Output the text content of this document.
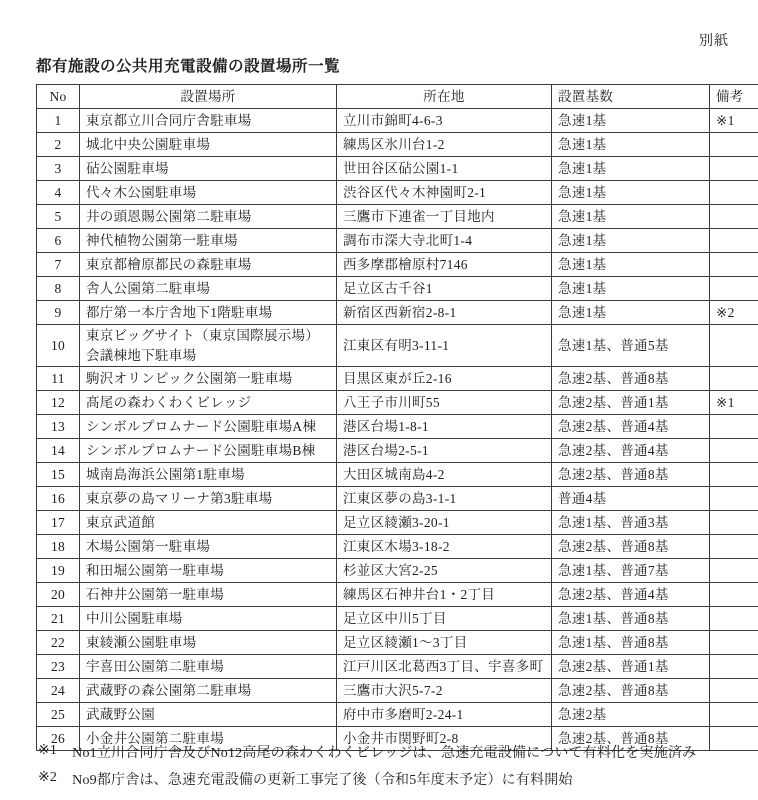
別紙
都有施設の公共用充電設備の設置場所一覧
No	設置場所	所在地	設置基数	備考
1	東京都立川合同庁舎駐車場	立川市錦町4-6-3	急速1基	※1
2	城北中央公園駐車場	練馬区氷川台1-2	急速1基	
3	砧公園駐車場	世田谷区砧公園1-1	急速1基	
4	代々木公園駐車場	渋谷区代々木神園町2-1	急速1基	
5	井の頭恩賜公園第二駐車場	三鷹市下連雀一丁目地内	急速1基	
6	神代植物公園第一駐車場	調布市深大寺北町1-4	急速1基	
7	東京都檜原都民の森駐車場	西多摩郡檜原村7146	急速1基	
8	舎人公園第二駐車場	足立区古千谷1	急速1基	
9	都庁第一本庁舎地下1階駐車場	新宿区西新宿2-8-1	急速1基	※2
10	東京ビッグサイト（東京国際展示場）会議棟地下駐車場	江東区有明3-11-1	急速1基、普通5基	
11	駒沢オリンピック公園第一駐車場	目黒区東が丘2-16	急速2基、普通8基	
12	髙尾の森わくわくビレッジ	八王子市川町55	急速2基、普通1基	※1
13	シンボルプロムナード公園駐車場A棟	港区台場1-8-1	急速2基、普通4基	
14	シンボルプロムナード公園駐車場B棟	港区台場2-5-1	急速2基、普通4基	
15	城南島海浜公園第1駐車場	大田区城南島4-2	急速2基、普通8基	
16	東京夢の島マリーナ第3駐車場	江東区夢の島3-1-1	普通4基	
17	東京武道館	足立区綾瀬3-20-1	急速1基、普通3基	
18	木場公園第一駐車場	江東区木場3-18-2	急速2基、普通8基	
19	和田堀公園第一駐車場	杉並区大宮2-25	急速1基、普通7基	
20	石神井公園第一駐車場	練馬区石神井台1・2丁目	急速2基、普通4基	
21	中川公園駐車場	足立区中川5丁目	急速1基、普通8基	
22	東綾瀬公園駐車場	足立区綾瀬1～3丁目	急速1基、普通8基	
23	宇喜田公園第二駐車場	江戸川区北葛西3丁目、宇喜多町	急速2基、普通1基	
24	武蔵野の森公園第二駐車場	三鷹市大沢5-7-2	急速2基、普通8基	
25	武蔵野公園	府中市多磨町2-24-1	急速2基	
26	小金井公園第二駐車場	小金井市関野町2-8	急速2基、普通8基	
※1 No1立川合同庁舎及びNo12高尾の森わくわくビレッジは、急速充電設備について有料化を実施済み
※2 No9都庁舎は、急速充電設備の更新工事完了後（令和5年度末予定）に有料開始
